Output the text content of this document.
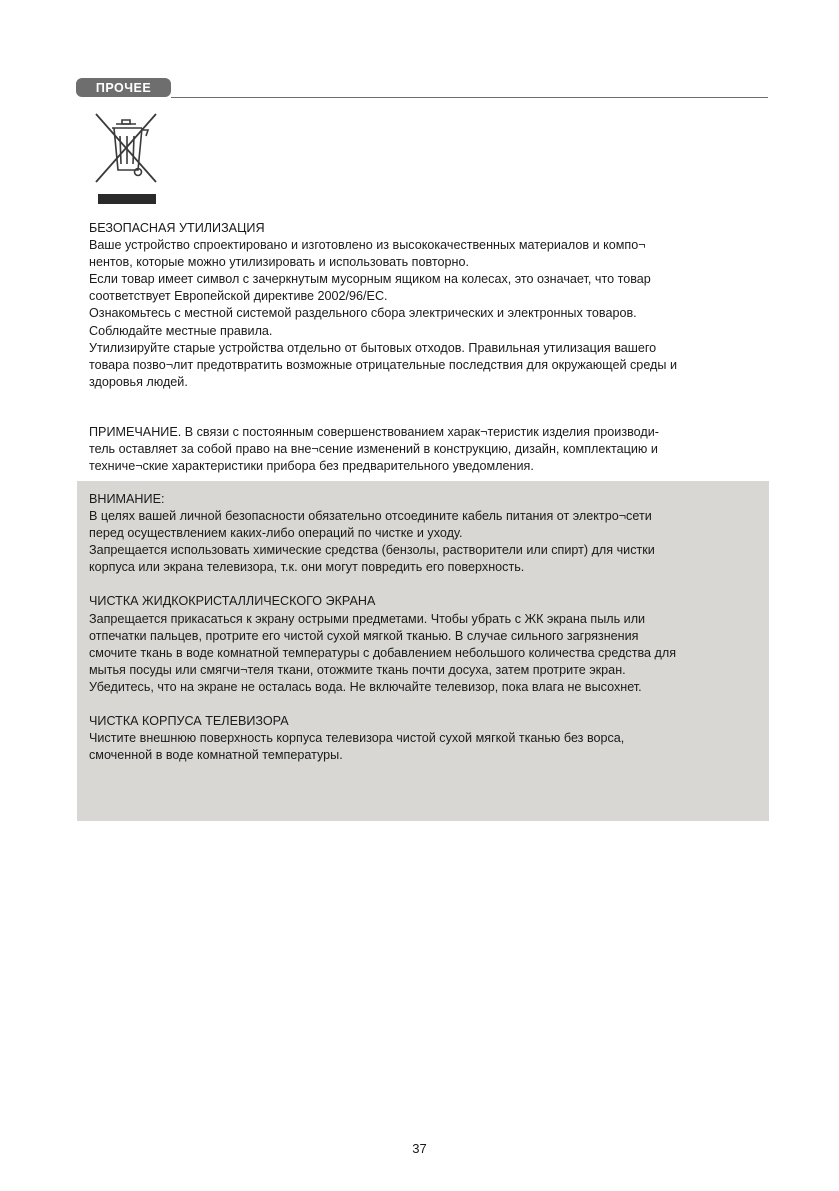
ПРОЧЕЕ

БЕЗОПАСНАЯ УТИЛИЗАЦИЯ

Ваше устройство спроектировано и изготовлено из высококачественных материалов и компо¬

нентов, которые можно утилизировать и использовать повторно.

Если товар имеет символ с зачеркнутым мусорным ящиком на колесах, это означает, что товар

соответствует Европейской директиве 2002/96/EC.

Ознакомьтесь с местной системой раздельного сбора электрических и электронных товаров.

Соблюдайте местные правила.

Утилизируйте старые устройства отдельно от бытовых отходов. Правильная утилизация вашего

товара позво¬лит предотвратить возможные отрицательные последствия для окружающей среды и

здоровья людей.

ПРИМЕЧАНИЕ. В связи с постоянным совершенствованием харак¬теристик изделия производи-

тель оставляет за собой право на вне¬сение изменений в конструкцию, дизайн, комплектацию и

техниче¬ские характеристики прибора без предварительного уведомления.

ВНИМАНИЕ:

В целях вашей личной безопасности обязательно отсоедините кабель питания от электро¬сети

перед осуществлением каких-либо операций по чистке и уходу.

Запрещается использовать химические средства (бензолы, растворители или спирт) для чистки

корпуса или экрана телевизора, т.к. они могут повредить его поверхность.

ЧИСТКА ЖИДКОКРИСТАЛЛИЧЕСКОГО ЭКРАНА

Запрещается прикасаться к экрану острыми предметами. Чтобы убрать с ЖК экрана пыль или

отпечатки пальцев, протрите его чистой сухой мягкой тканью. В случае сильного загрязнения

смочите ткань в воде комнатной температуры с добавлением небольшого количества средства для

мытья посуды или смягчи¬теля ткани, отожмите ткань почти досуха, затем протрите экран.

Убедитесь, что на экране не осталась вода. Не включайте телевизор, пока влага не высохнет.

ЧИСТКА КОРПУСА ТЕЛЕВИЗОРА

Чистите внешнюю поверхность корпуса телевизора чистой сухой мягкой тканью без ворса,

смоченной в воде комнатной температуры.

37
